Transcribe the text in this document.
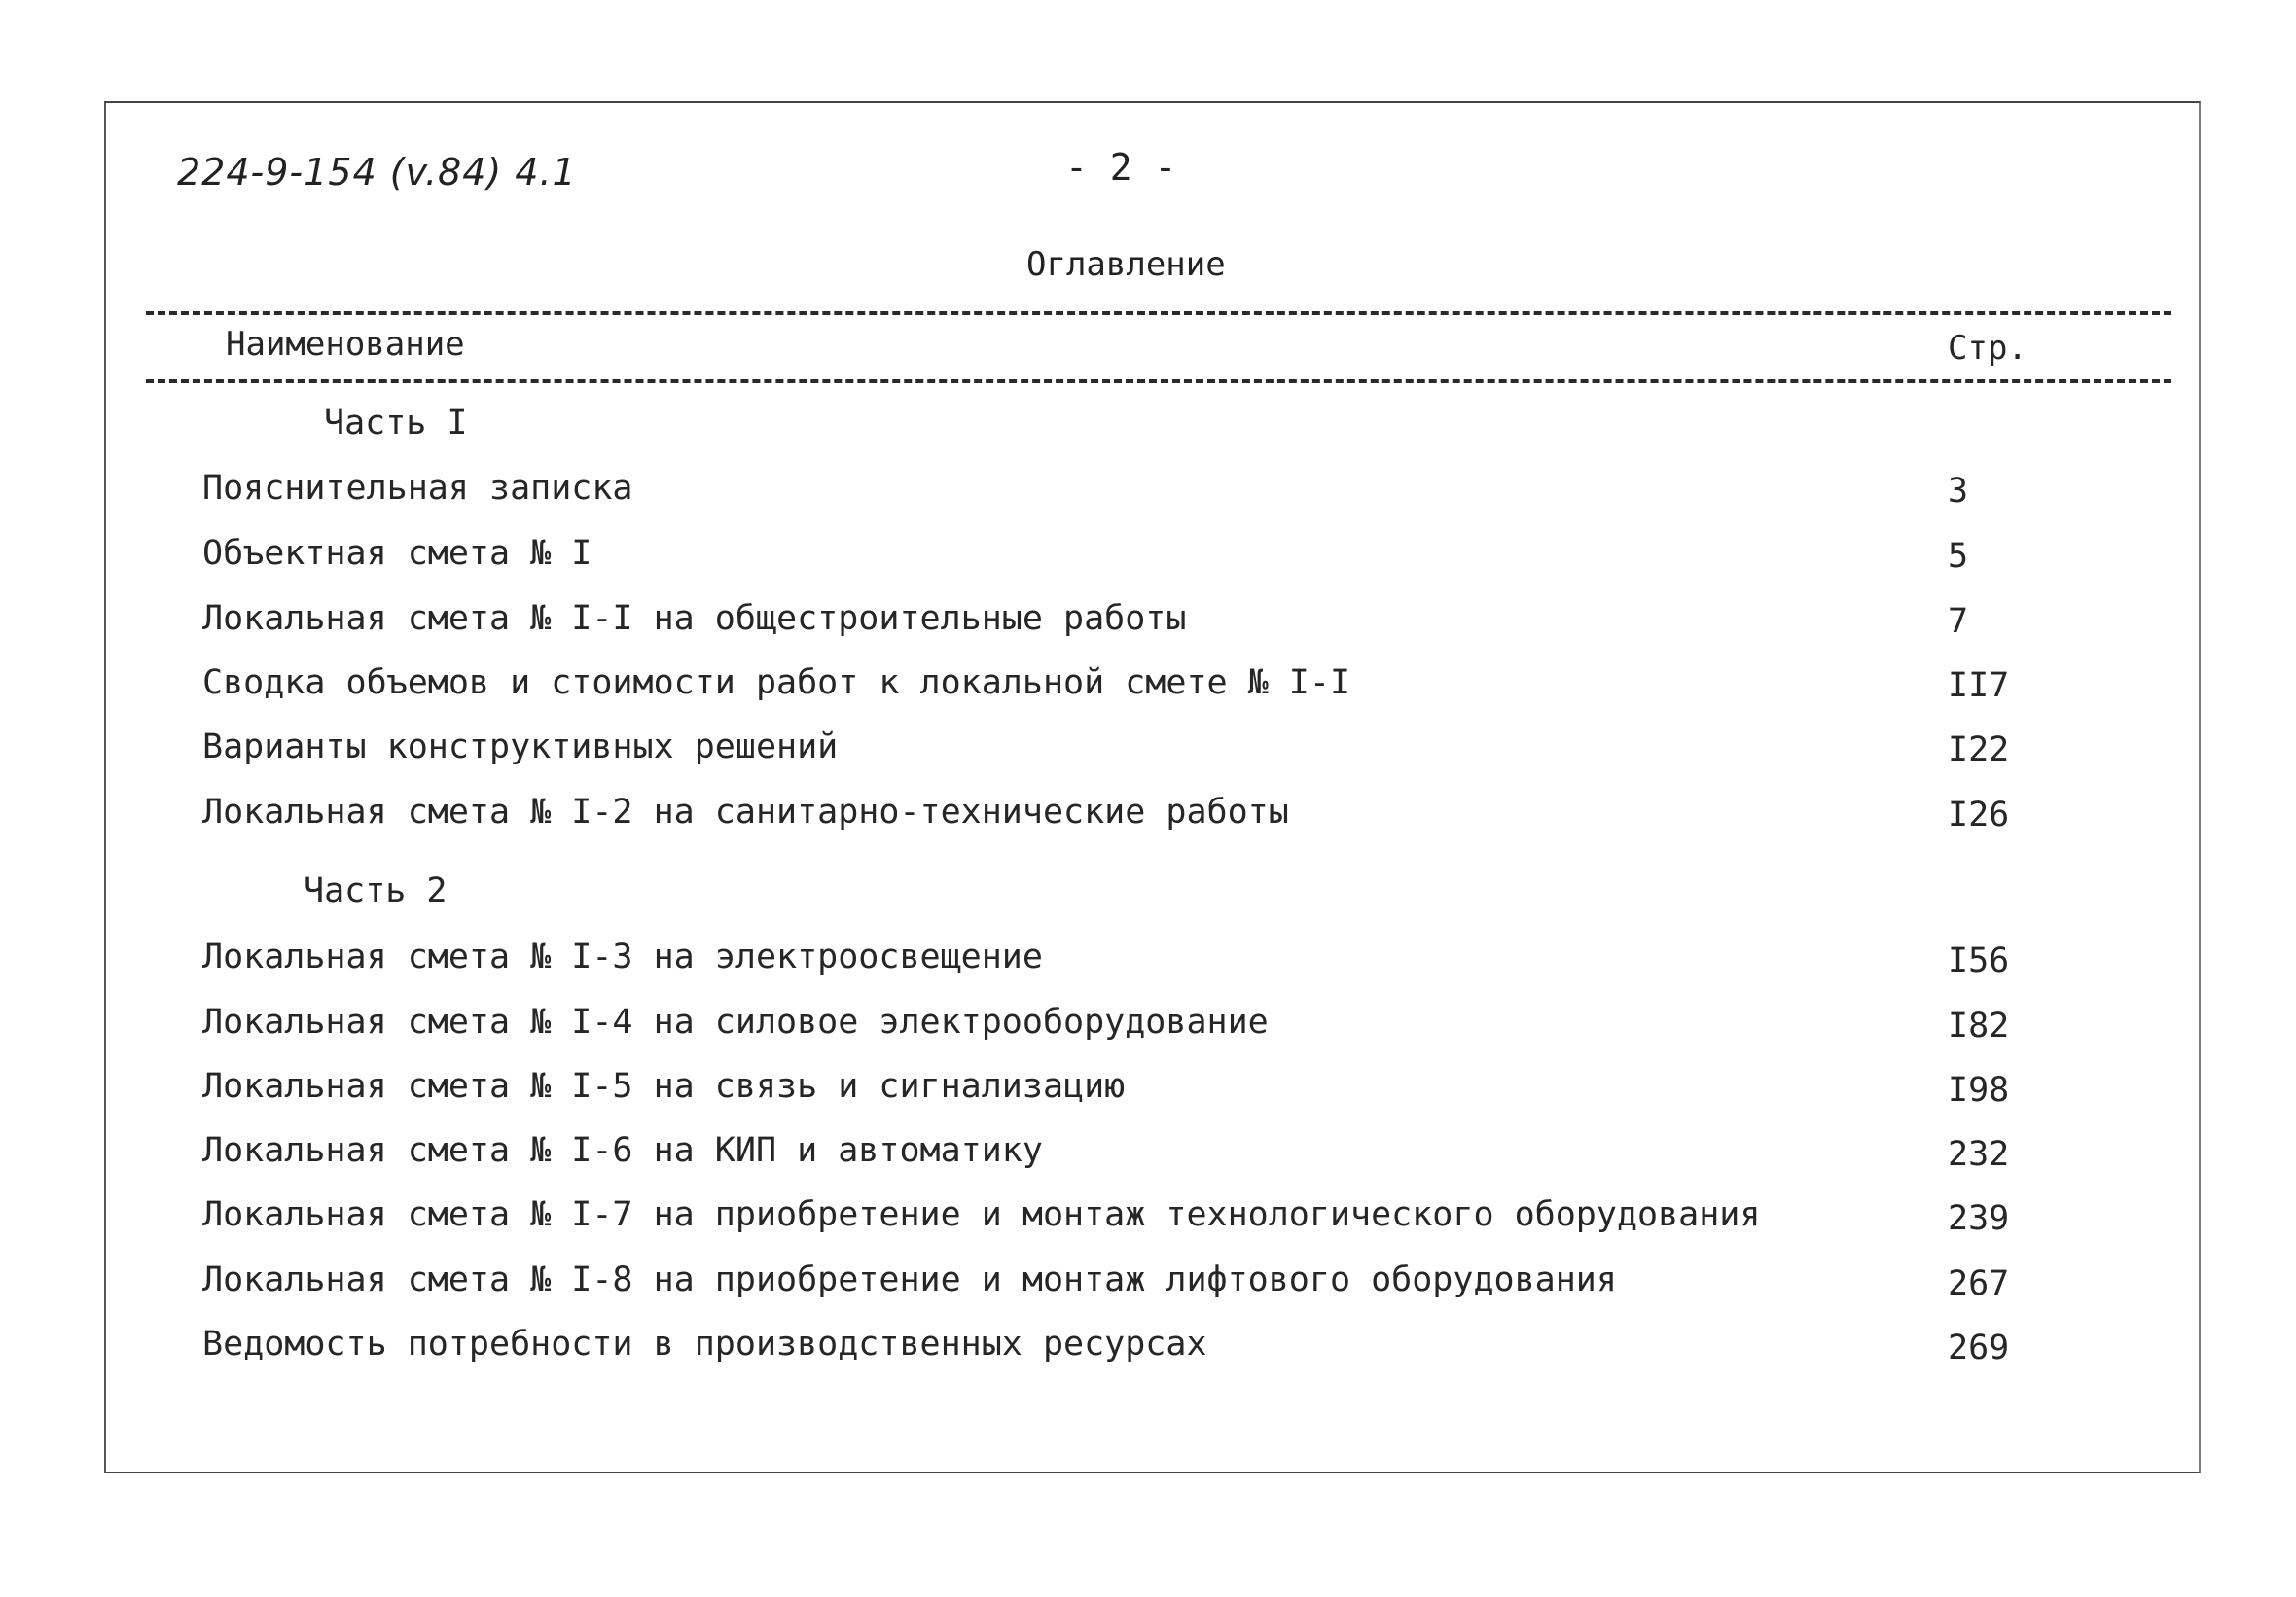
224-9-154 (v.84) 4.1	- 2 -
Оглавление
Наименование	Стр.
Часть I
Пояснительная записка	3
Объектная смета № I	5
Локальная смета № I-I на общестроительные работы	7
Сводка объемов и стоимости работ к локальной смете № I-I	II7
Варианты конструктивных решений	I22
Локальная смета № I-2 на санитарно-технические работы	I26
Часть 2
Локальная смета № I-3 на электроосвещение	I56
Локальная смета № I-4 на силовое электрооборудование	I82
Локальная смета № I-5 на связь и сигнализацию	I98
Локальная смета № I-6 на КИП и автоматику	232
Локальная смета № I-7 на приобретение и монтаж технологического оборудования	239
Локальная смета № I-8 на приобретение и монтаж лифтового оборудования	267
Ведомость потребности в производственных ресурсах	269
